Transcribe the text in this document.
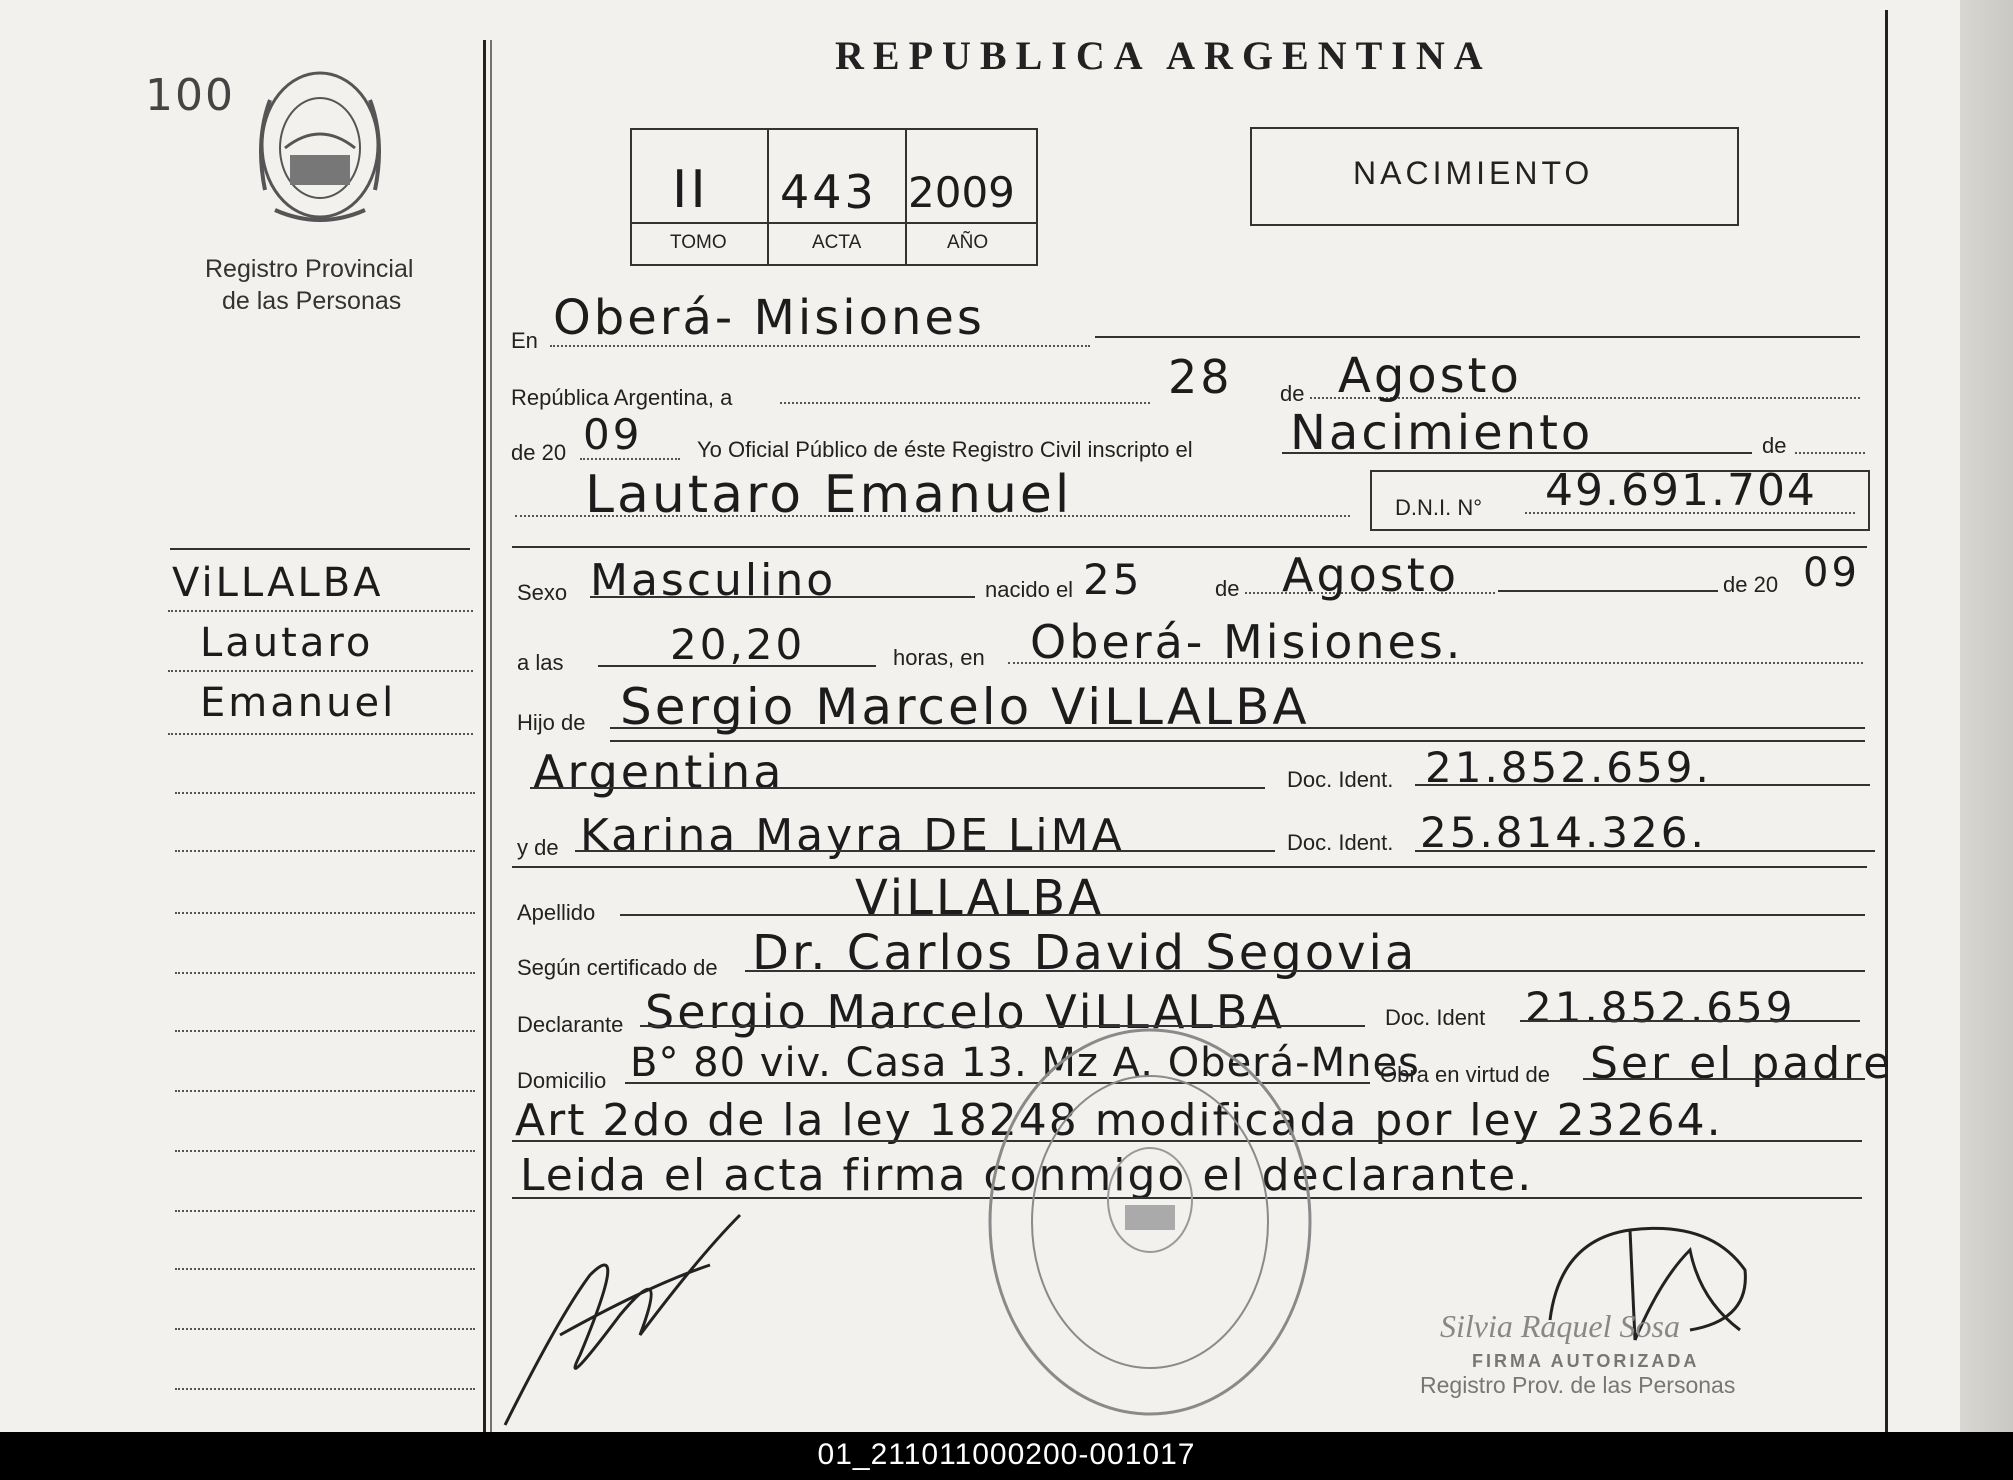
100
Registro Provincial
de las Personas
ViLLALBA
Lautaro
Emanuel
REPUBLICA ARGENTINA
II 443 2009
TOMO	ACTA	AÑO
NACIMIENTO
En Oberá- Misiones
República Argentina, a	de
28 Agosto
de 20 09 Yo Oficial Público de éste Registro Civil inscripto el Nacimiento	de
Lautaro Emanuel	D.N.I. N° 49.691.704
Sexo Masculino	nacido el 25	de Agosto	de 20 09
a las	20,20	horas, en Oberá- Misiones.
Hijo de Sergio Marcelo ViLLALBA
Argentina	Doc. Ident. 21.852.659.
y de Karina Mayra DE LiMA	Doc. Ident. 25.814.326.
Apellido	ViLLALBA
Según certificado de Dr. Carlos David Segovia
Declarante Sergio Marcelo ViLLALBA	Doc. Ident 21.852.659
Domicilio B° 80 viv. Casa 13. Mz A. Oberá-Mnes
Obra en virtud de Ser el padre
Art 2do de la ley 18248 modificada por ley 23264.
Leida el acta firma conmigo el declarante.
Silvia Raquel Sosa
FIRMA AUTORIZADA
Registro Prov. de las Personas
01_211011000200-001017
